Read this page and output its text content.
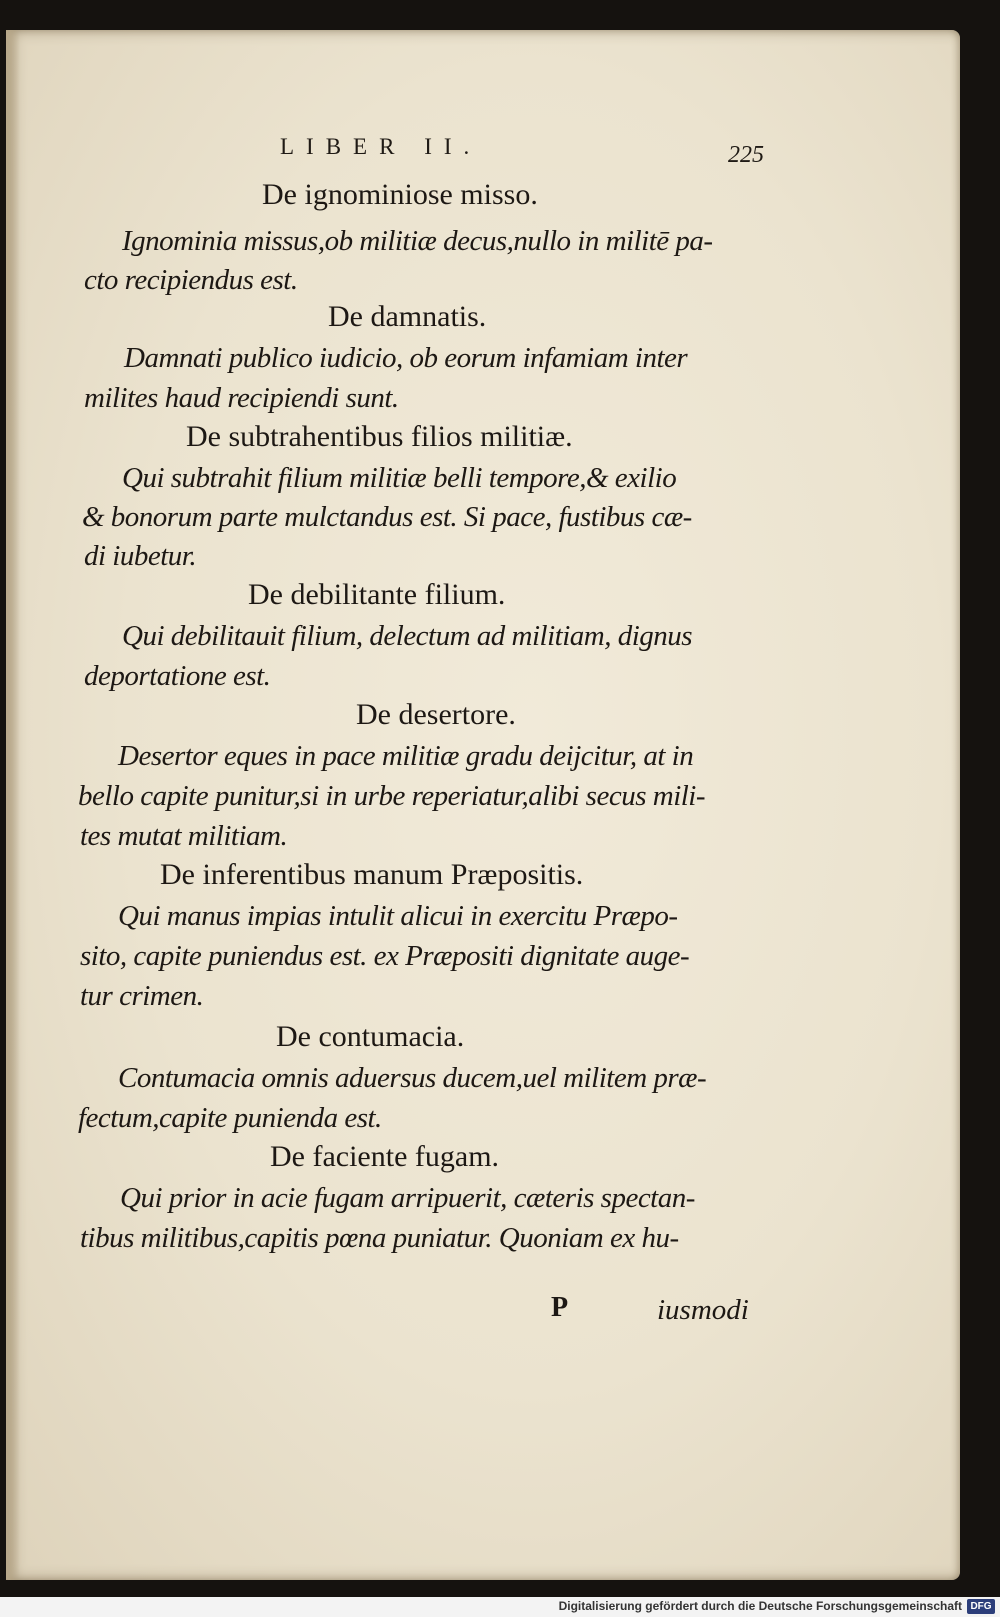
LIBER II.	225
De ignominiose misso.
Ignominia missus,ob militiæ decus,nullo in militē pa-
cto recipiendus est.
De damnatis.
Damnati publico iudicio, ob eorum infamiam inter
milites haud recipiendi sunt.
De subtrahentibus filios militiæ.
Qui subtrahit filium militiæ belli tempore,& exilio
& bonorum parte mulctandus est. Si pace, fustibus cæ-
di iubetur.
De debilitante filium.
Qui debilitauit filium, delectum ad militiam, dignus
deportatione est.
De desertore.
Desertor eques in pace militiæ gradu deijcitur, at in
bello capite punitur,si in urbe reperiatur,alibi secus mili-
tes mutat militiam.
De inferentibus manum Præpositis.
Qui manus impias intulit alicui in exercitu Præpo-
sito, capite puniendus est. ex Præpositi dignitate auge-
tur crimen.
De contumacia.
Contumacia omnis aduersus ducem,uel militem præ-
fectum,capite punienda est.
De faciente fugam.
Qui prior in acie fugam arripuerit, cæteris spectan-
tibus militibus,capitis pœna puniatur. Quoniam ex hu-
P	iusmodi
Digitalisierung gefördert durch die Deutsche Forschungsgemeinschaft DFG
